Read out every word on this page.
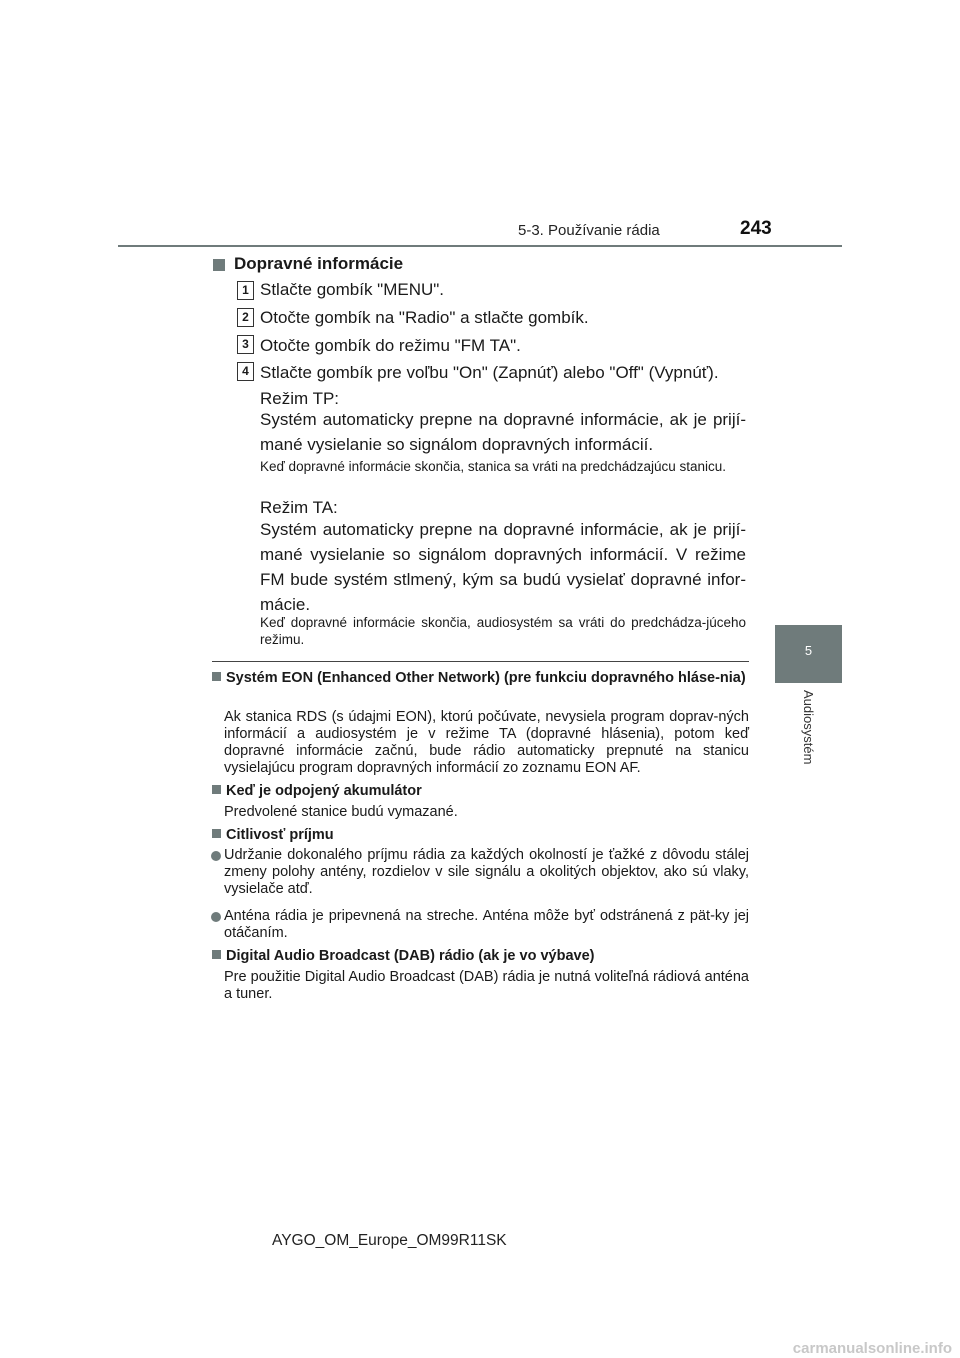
5-3. Používanie rádia	243
5
Audiosystém
Dopravné informácie
1 Stlačte gombík "MENU".
2 Otočte gombík na "Radio" a stlačte gombík.
3 Otočte gombík do režimu "FM TA".
4 Stlačte gombík pre voľbu "On" (Zapnúť) alebo "Off" (Vypnúť).
Režim TP:
Systém automaticky prepne na dopravné informácie, ak je prijí-mané vysielanie so signálom dopravných informácií.
Keď dopravné informácie skončia, stanica sa vráti na predchádzajúcu stanicu.
Režim TA:
Systém automaticky prepne na dopravné informácie, ak je prijí-mané vysielanie so signálom dopravných informácií. V režime FM bude systém stlmený, kým sa budú vysielať dopravné infor-mácie.
Keď dopravné informácie skončia, audiosystém sa vráti do predchádza-júceho režimu.
Systém EON (Enhanced Other Network) (pre funkciu dopravného hláse-nia)
Ak stanica RDS (s údajmi EON), ktorú počúvate, nevysiela program doprav-ných informácií a audiosystém je v režime TA (dopravné hlásenia), potom keď dopravné informácie začnú, bude rádio automaticky prepnuté na stanicu vysielajúcu program dopravných informácií zo zoznamu EON AF.
Keď je odpojený akumulátor
Predvolené stanice budú vymazané.
Citlivosť príjmu
Udržanie dokonalého príjmu rádia za každých okolností je ťažké z dôvodu stálej zmeny polohy antény, rozdielov v sile signálu a okolitých objektov, ako sú vlaky, vysielače atď.
Anténa rádia je pripevnená na streche. Anténa môže byť odstránená z pät-ky jej otáčaním.
Digital Audio Broadcast (DAB) rádio (ak je vo výbave)
Pre použitie Digital Audio Broadcast (DAB) rádia je nutná voliteľná rádiová anténa a tuner.
AYGO_OM_Europe_OM99R11SK
carmanualsonline.info
